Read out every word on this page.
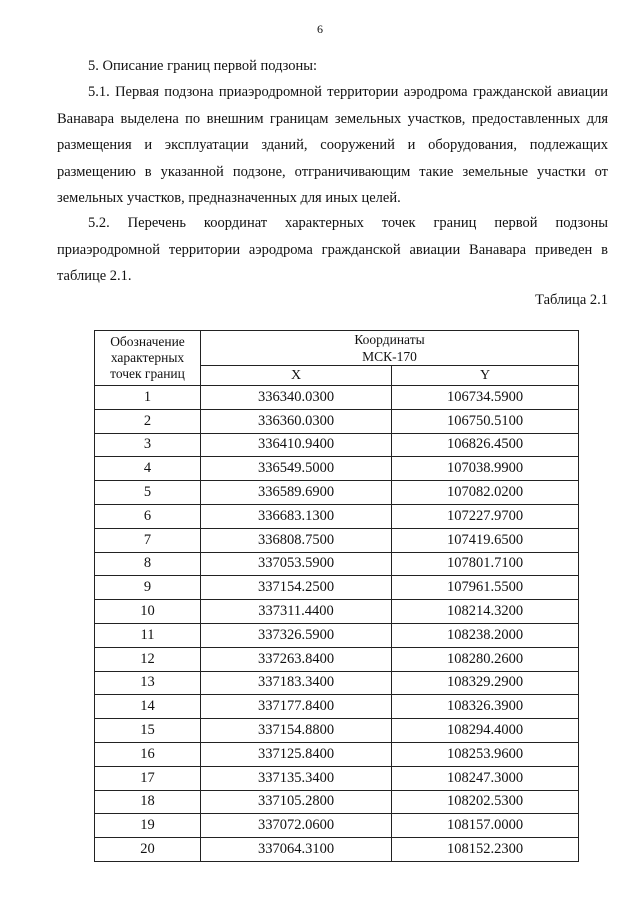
6
5. Описание границ первой подзоны:

5.1. Первая подзона приаэродромной территории аэродрома гражданской авиации Ванавара выделена по внешним границам земельных участков, предоставленных для размещения и эксплуатации зданий, сооружений и оборудования, подлежащих размещению в указанной подзоне, отграничивающим такие земельные участки от земельных участков, предназначенных для иных целей.

5.2. Перечень координат характерных точек границ первой подзоны приаэродромной территории аэродрома гражданской авиации Ванавара приведен в таблице 2.1.

Таблица 2.1
Обозначение характерных точек границ	Координаты
МСК-170	

	X	Y
1	336340.0300	106734.5900
2	336360.0300	106750.5100
3	336410.9400	106826.4500
4	336549.5000	107038.9900
5	336589.6900	107082.0200
6	336683.1300	107227.9700
7	336808.7500	107419.6500
8	337053.5900	107801.7100
9	337154.2500	107961.5500
10	337311.4400	108214.3200
11	337326.5900	108238.2000
12	337263.8400	108280.2600
13	337183.3400	108329.2900
14	337177.8400	108326.3900
15	337154.8800	108294.4000
16	337125.8400	108253.9600
17	337135.3400	108247.3000
18	337105.2800	108202.5300
19	337072.0600	108157.0000
20	337064.3100	108152.2300
